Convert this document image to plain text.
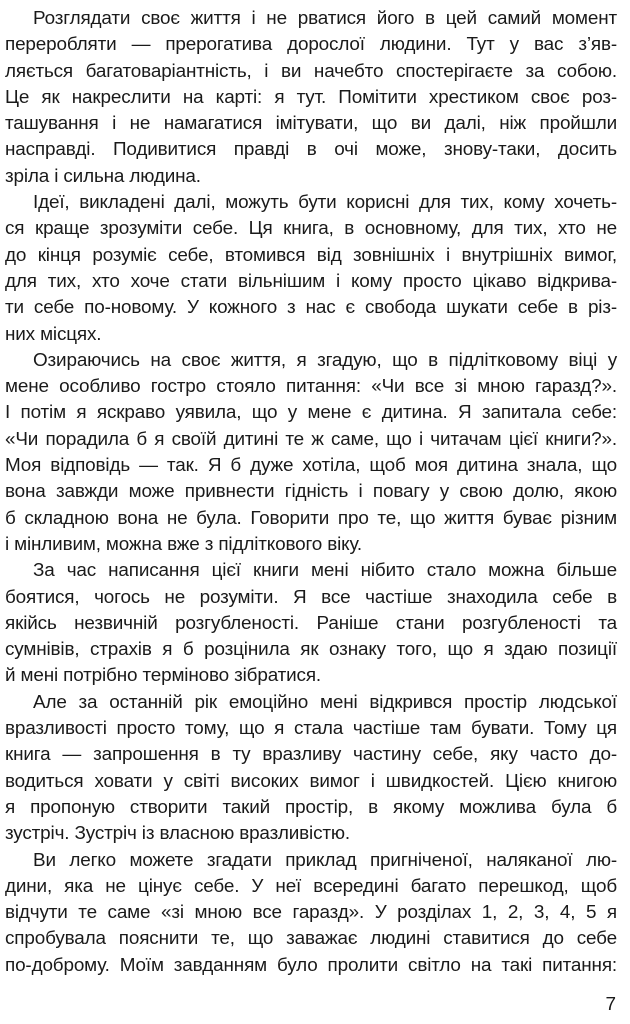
Розглядати своє життя і не рватися його в цей самий момент
переробляти — прерогатива дорослої людини. Тут у вас з’яв-
ляється багатоваріантність, і ви начебто спостерігаєте за собою.
Це як накреслити на карті: я тут. Помітити хрестиком своє роз-
ташування і не намагатися імітувати, що ви далі, ніж пройшли
насправді. Подивитися правді в очі може, знову-таки, досить
зріла і сильна людина.
Ідеї, викладені далі, можуть бути корисні для тих, кому хочеть-
ся краще зрозуміти себе. Ця книга, в основному, для тих, хто не
до кінця розуміє себе, втомився від зовнішніх і внутрішніх вимог,
для тих, хто хоче стати вільнішим і кому просто цікаво відкрива-
ти себе по-новому. У кожного з нас є свобода шукати себе в різ-
них місцях.
Озираючись на своє життя, я згадую, що в підлітковому віці у
мене особливо гостро стояло питання: «Чи все зі мною гаразд?».
І потім я яскраво уявила, що у мене є дитина. Я запитала себе:
«Чи порадила б я своїй дитині те ж саме, що і читачам цієї книги?».
Моя відповідь — так. Я б дуже хотіла, щоб моя дитина знала, що
вона завжди може привнести гідність і повагу у свою долю, якою
б складною вона не була. Говорити про те, що життя буває різним
і мінливим, можна вже з підліткового віку.
За час написання цієї книги мені нібито стало можна більше
боятися, чогось не розуміти. Я все частіше знаходила себе в
якійсь незвичній розгубленості. Раніше стани розгубленості та
сумнівів, страхів я б розцінила як ознаку того, що я здаю позиції
й мені потрібно терміново зібратися.
Але за останній рік емоційно мені відкрився простір людської
вразливості просто тому, що я стала частіше там бувати. Тому ця
книга — запрошення в ту вразливу частину себе, яку часто до-
водиться ховати у світі високих вимог і швидкостей. Цією книгою
я пропоную створити такий простір, в якому можлива була б
зустріч. Зустріч із власною вразливістю.
Ви легко можете згадати приклад пригніченої, наляканої лю-
дини, яка не цінує себе. У неї всередині багато перешкод, щоб
відчути те саме «зі мною все гаразд». У розділах 1, 2, 3, 4, 5 я
спробувала пояснити те, що заважає людині ставитися до себе
по-доброму. Моїм завданням було пролити світло на такі питання:
7
